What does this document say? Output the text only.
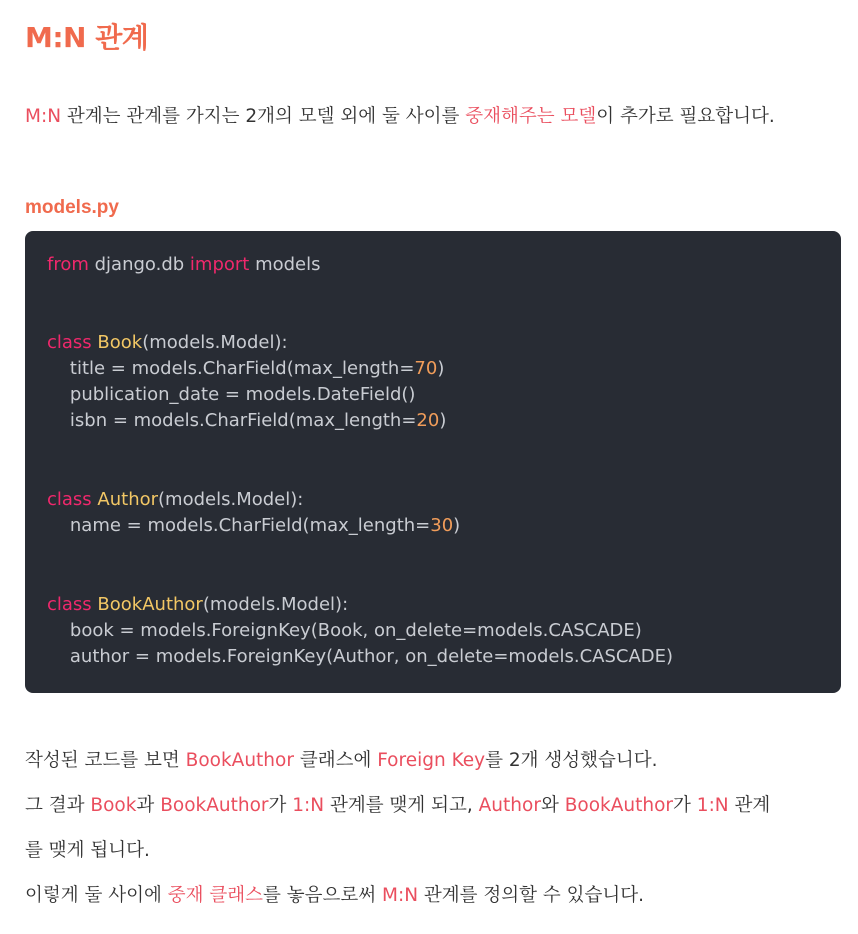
M:N 관계

M:N 관계는 관계를 가지는 2개의 모델 외에 둘 사이를 중재해주는 모델이 추가로 필요합니다.

models.py
from django.db import models
class Book(models.Model):
title = models.CharField(max_length=70)
publication_date = models.DateField()
isbn = models.CharField(max_length=20)
class Author(models.Model):
name = models.CharField(max_length=30)
class BookAuthor(models.Model):
book = models.ForeignKey(Book, on_delete=models.CASCADE)
author = models.ForeignKey(Author, on_delete=models.CASCADE)

작성된 코드를 보면 BookAuthor 클래스에 Foreign Key를 2개 생성했습니다.

그 결과 Book과 BookAuthor가 1:N 관계를 맺게 되고, Author와 BookAuthor가 1:N 관계

를 맺게 됩니다.

이렇게 둘 사이에 중재 클래스를 놓음으로써 M:N 관계를 정의할 수 있습니다.
